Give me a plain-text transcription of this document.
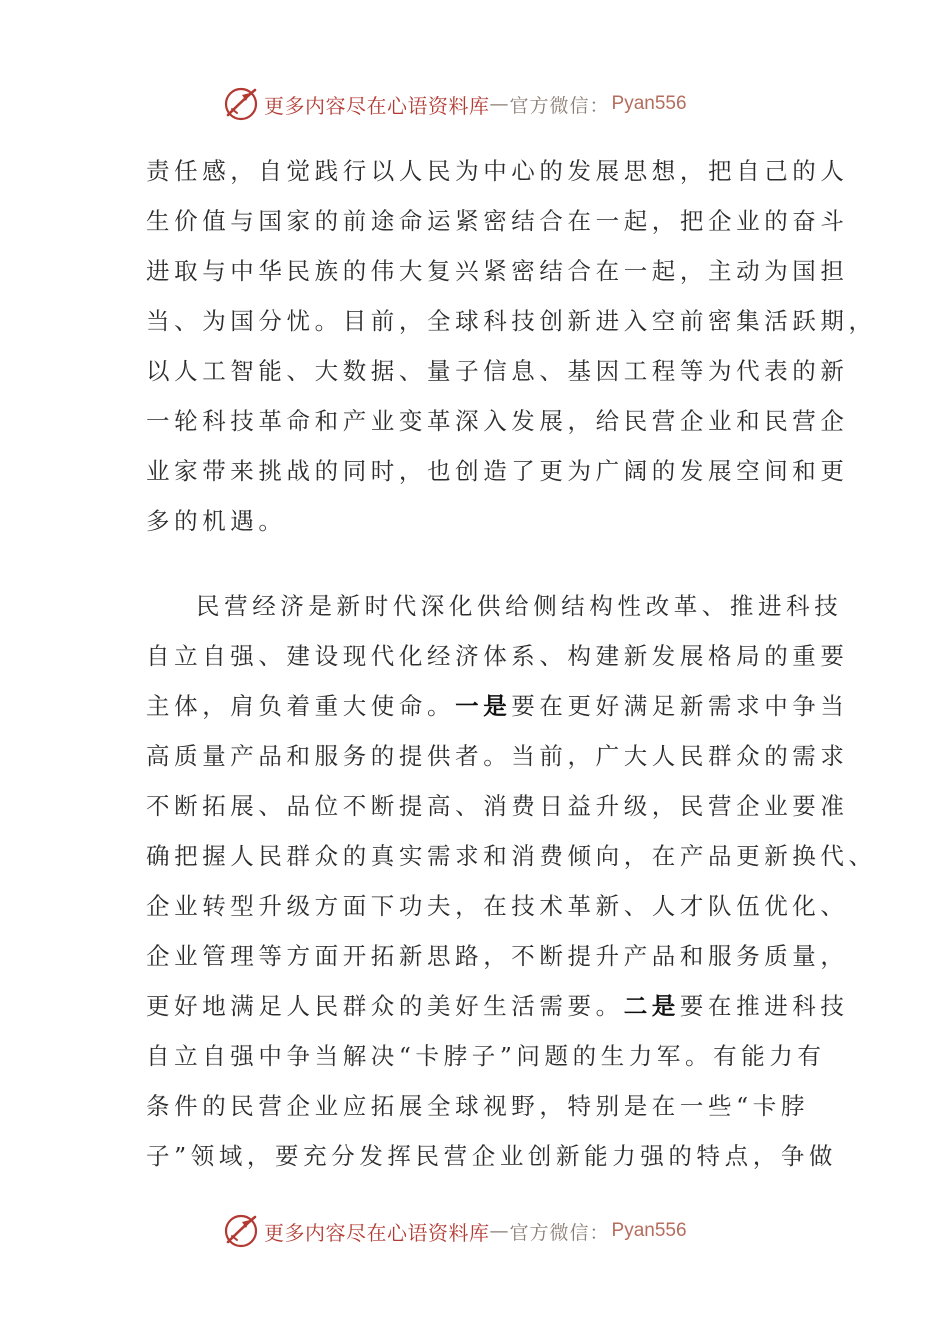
更多内容尽在心语资料库 — 官方微信： Pyan556
责任感，自觉践行以人民为中心的发展思想，把自己的人
生价值与国家的前途命运紧密结合在一起，把企业的奋斗
进取与中华民族的伟大复兴紧密结合在一起，主动为国担
当、为国分忧。目前，全球科技创新进入空前密集活跃期，
以人工智能、大数据、量子信息、基因工程等为代表的新
一轮科技革命和产业变革深入发展，给民营企业和民营企
业家带来挑战的同时，也创造了更为广阔的发展空间和更
多的机遇。
民营经济是新时代深化供给侧结构性改革、推进科技
自立自强、建设现代化经济体系、构建新发展格局的重要
主体，肩负着重大使命。一是要在更好满足新需求中争当
高质量产品和服务的提供者。当前，广大人民群众的需求
不断拓展、品位不断提高、消费日益升级，民营企业要准
确把握人民群众的真实需求和消费倾向，在产品更新换代、
企业转型升级方面下功夫，在技术革新、人才队伍优化、
企业管理等方面开拓新思路，不断提升产品和服务质量，
更好地满足人民群众的美好生活需要。二是要在推进科技
自立自强中争当解决“卡脖子”问题的生力军。有能力有
条件的民营企业应拓展全球视野，特别是在一些“卡脖
子”领域，要充分发挥民营企业创新能力强的特点，争做
更多内容尽在心语资料库 — 官方微信： Pyan556
